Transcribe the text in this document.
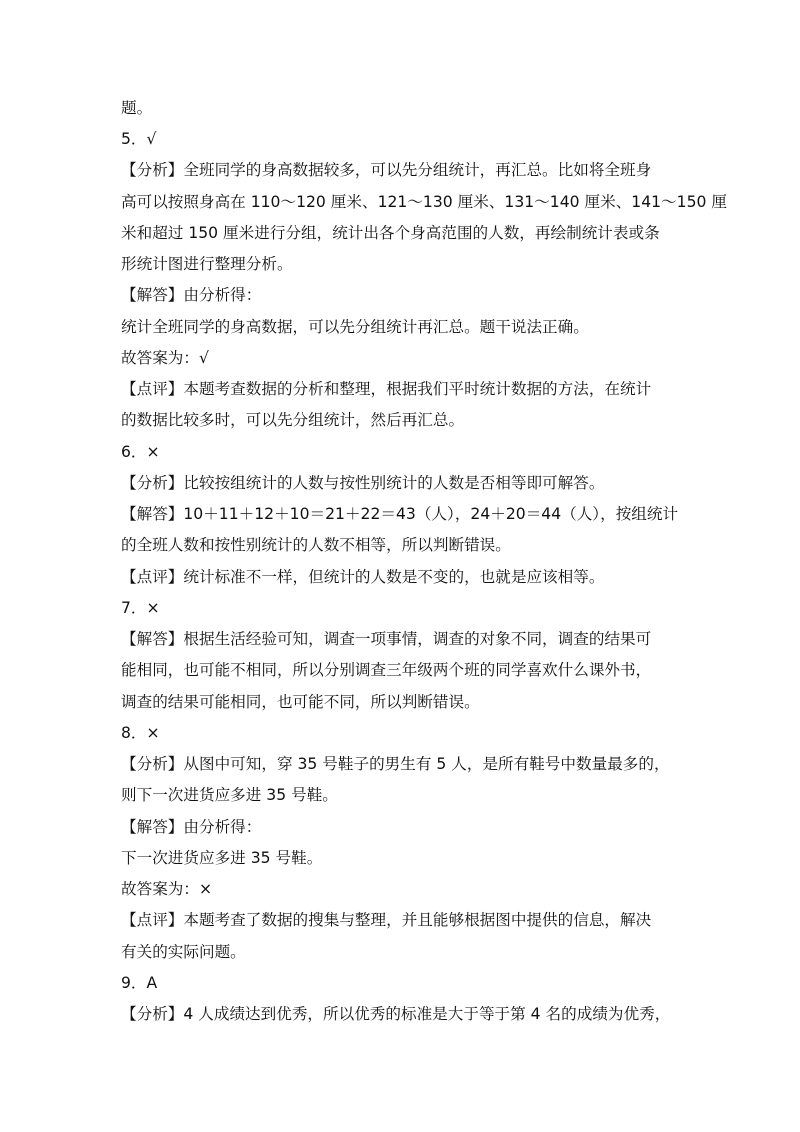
题。
5．√
【分析】全班同学的身高数据较多，可以先分组统计，再汇总。比如将全班身
高可以按照身高在 110～120 厘米、121～130 厘米、131～140 厘米、141～150 厘
米和超过 150 厘米进行分组，统计出各个身高范围的人数，再绘制统计表或条
形统计图进行整理分析。
【解答】由分析得：
统计全班同学的身高数据，可以先分组统计再汇总。题干说法正确。
故答案为：√
【点评】本题考查数据的分析和整理，根据我们平时统计数据的方法，在统计
的数据比较多时，可以先分组统计，然后再汇总。
6．×
【分析】比较按组统计的人数与按性别统计的人数是否相等即可解答。
【解答】10＋11＋12＋10＝21＋22＝43（人），24＋20＝44（人），按组统计
的全班人数和按性别统计的人数不相等，所以判断错误。
【点评】统计标准不一样，但统计的人数是不变的，也就是应该相等。
7．×
【解答】根据生活经验可知，调查一项事情，调查的对象不同，调查的结果可
能相同，也可能不相同，所以分别调查三年级两个班的同学喜欢什么课外书，
调查的结果可能相同，也可能不同，所以判断错误。
8．×
【分析】从图中可知，穿 35 号鞋子的男生有 5 人，是所有鞋号中数量最多的，
则下一次进货应多进 35 号鞋。
【解答】由分析得：
下一次进货应多进 35 号鞋。
故答案为：×
【点评】本题考查了数据的搜集与整理，并且能够根据图中提供的信息，解决
有关的实际问题。
9．A
【分析】4 人成绩达到优秀，所以优秀的标准是大于等于第 4 名的成绩为优秀，
